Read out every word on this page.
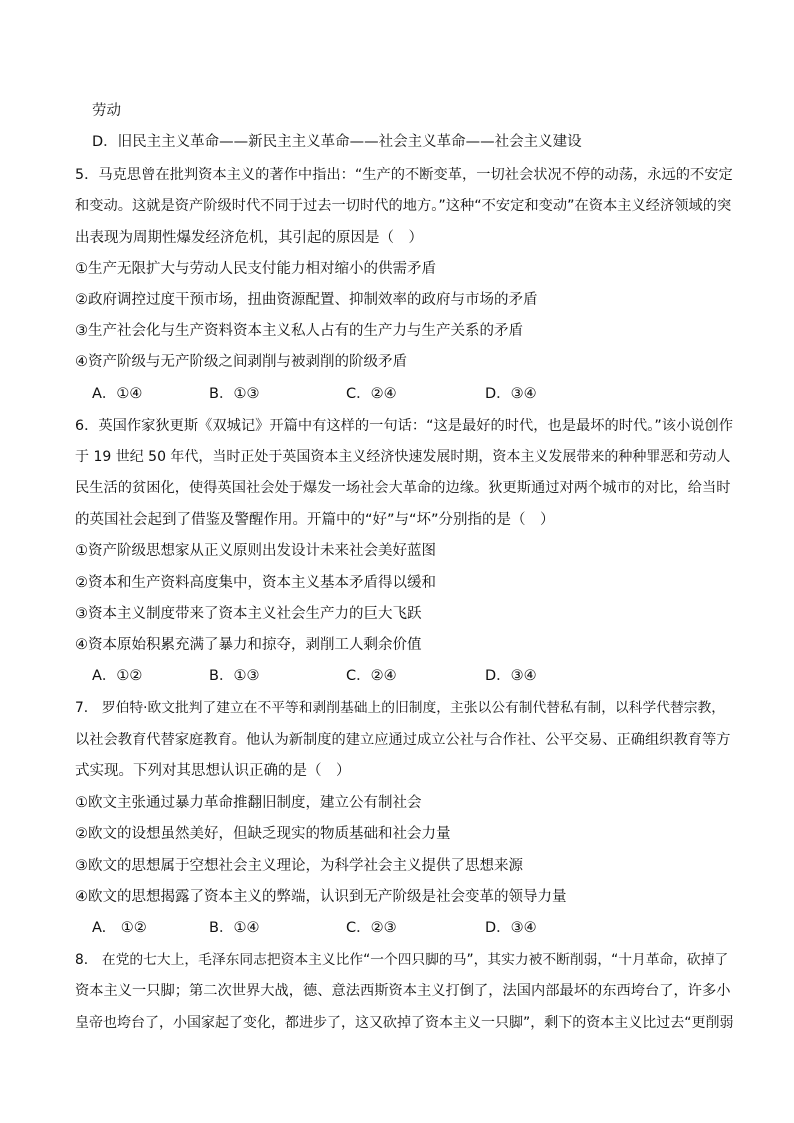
劳动
D．旧民主主义革命——新民主主义革命——社会主义革命——社会主义建设
5．马克思曾在批判资本主义的著作中指出：“生产的不断变革，一切社会状况不停的动荡，永远的不安定
和变动。这就是资产阶级时代不同于过去一切时代的地方。”这种“不安定和变动”在资本主义经济领域的突
出表现为周期性爆发经济危机，其引起的原因是（　）
①生产无限扩大与劳动人民支付能力相对缩小的供需矛盾
②政府调控过度干预市场，扭曲资源配置、抑制效率的政府与市场的矛盾
③生产社会化与生产资料资本主义私人占有的生产力与生产关系的矛盾
④资产阶级与无产阶级之间剥削与被剥削的阶级矛盾
A．①④	B．①③	C．②④	D．③④
6．英国作家狄更斯《双城记》开篇中有这样的一句话：“这是最好的时代，也是最坏的时代。”该小说创作
于 19 世纪 50 年代，当时正处于英国资本主义经济快速发展时期，资本主义发展带来的种种罪恶和劳动人
民生活的贫困化，使得英国社会处于爆发一场社会大革命的边缘。狄更斯通过对两个城市的对比，给当时
的英国社会起到了借鉴及警醒作用。开篇中的“好”与“坏”分别指的是（　）
①资产阶级思想家从正义原则出发设计未来社会美好蓝图
②资本和生产资料高度集中，资本主义基本矛盾得以缓和
③资本主义制度带来了资本主义社会生产力的巨大飞跃
④资本原始积累充满了暴力和掠夺，剥削工人剩余价值
A．①②	B．①③	C．②④	D．③④
7.　罗伯特·欧文批判了建立在不平等和剥削基础上的旧制度，主张以公有制代替私有制，以科学代替宗教，
以社会教育代替家庭教育。他认为新制度的建立应通过成立公社与合作社、公平交易、正确组织教育等方
式实现。下列对其思想认识正确的是（　）
①欧文主张通过暴力革命推翻旧制度，建立公有制社会
②欧文的设想虽然美好，但缺乏现实的物质基础和社会力量
③欧文的思想属于空想社会主义理论，为科学社会主义提供了思想来源
④欧文的思想揭露了资本主义的弊端，认识到无产阶级是社会变革的领导力量
A.　①②	B．①④	C．②③	D．③④
8.　在党的七大上，毛泽东同志把资本主义比作“一个四只脚的马”，其实力被不断削弱，“十月革命，砍掉了
资本主义一只脚；第二次世界大战，德、意法西斯资本主义打倒了，法国内部最坏的东西垮台了，许多小
皇帝也垮台了，小国家起了变化，都进步了，这又砍掉了资本主义一只脚”，剩下的资本主义比过去“更削弱
